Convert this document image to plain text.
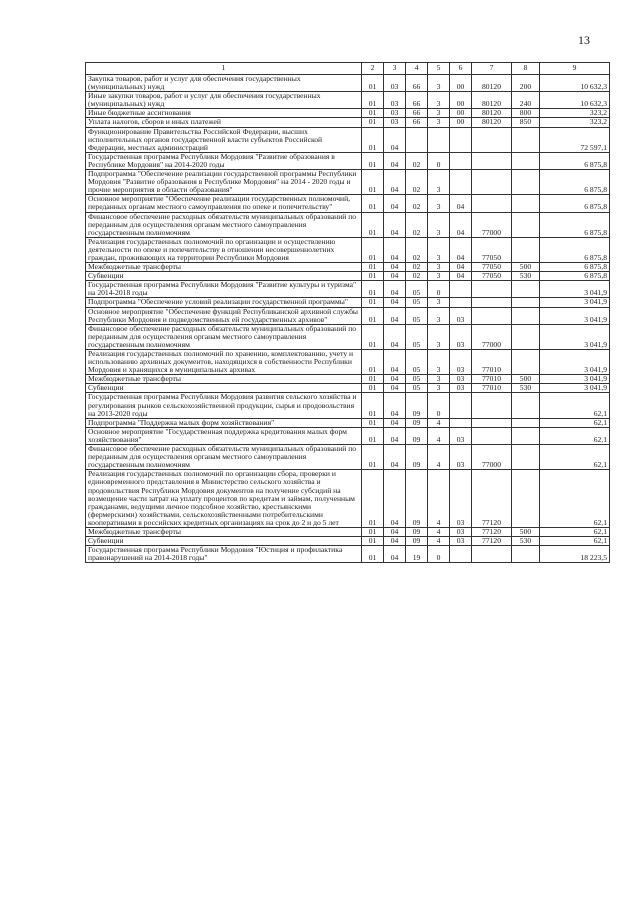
13
1	2	3	4	5	6	7	8	9
Закупка товаров, работ и услуг для обеспечения государственных (муниципальных) нужд	01	03	66	3	00	80120	200	10 632,3
Иные закупки товаров, работ и услуг для обеспечения государственных (муниципальных) нужд	01	03	66	3	00	80120	240	10 632,3
Иные бюджетные ассигнования	01	03	66	3	00	80120	800	323,2
Уплата налогов, сборов и иных платежей	01	03	66	3	00	80120	850	323,2
Функционирование Правительства Российской Федерации, высших исполнительных органов государственной власти субъектов Российской Федерации, местных администраций	01	04						72 597,1
Государственная программа Республики Мордовия "Развитие образования в Республике Мордовия" на 2014-2020 годы	01	04	02	0				6 875,8
Подпрограмма "Обеспечение реализации государственной программы Республики Мордовия "Развитие образования в Республике Мордовия" на 2014 - 2020 годы и прочие мероприятия в области образования"	01	04	02	3				6 875,8
Основное мероприятие "Обеспечение реализации государственных полномочий, переданных органам местного самоуправления по опеке и попечительству"	01	04	02	3	04			6 875,8
Финансовое обеспечение расходных обязательств муниципальных образований по переданным для осуществления органам местного самоуправления государственным полномочиям	01	04	02	3	04	77000		6 875,8
Реализация государственных полномочий по организации и осуществлению деятельности по опеке и попечительству в отношении несовершеннолетних граждан, проживающих на территории Республики Мордовия	01	04	02	3	04	77050		6 875,8
Межбюджетные трансферты	01	04	02	3	04	77050	500	6 875,8
Субвенции	01	04	02	3	04	77050	530	6 875,8
Государственная программа Республики Мордовия "Развитие культуры и туризма" на 2014-2018 годы	01	04	05	0				3 041,9
Подпрограмма "Обеспечение условий реализации государственной программы"	01	04	05	3				3 041,9
Основное мероприятие "Обеспечение функций Республиканской архивной службы Республики Мордовия и подведомственных ей государственных архивов"	01	04	05	3	03			3 041,9
Финансовое обеспечение расходных обязательств муниципальных образований по переданным для осуществления органам местного самоуправления государственным полномочиям	01	04	05	3	03	77000		3 041,9
Реализация государственных полномочий по хранению, комплектованию, учету и использованию архивных документов, находящихся в собственности Республики Мордовия и хранящихся в муниципальных архивах	01	04	05	3	03	77010		3 041,9
Межбюджетные трансферты	01	04	05	3	03	77010	500	3 041,9
Субвенции	01	04	05	3	03	77010	530	3 041,9
Государственная программа Республики Мордовия развития сельского хозяйства и регулирования рынков сельскохозяйственной продукции, сырья и продовольствия на 2013-2020 годы	01	04	09	0				62,1
Подпрограмма "Поддержка малых форм хозяйствования"	01	04	09	4				62,1
Основное мероприятие "Государственная поддержка кредитования малых форм хозяйствования"	01	04	09	4	03			62,1
Финансовое обеспечение расходных обязательств муниципальных образований по переданным для осуществления органам местного самоуправления государственным полномочиям	01	04	09	4	03	77000		62,1
Реализация государственных полномочий по организации сбора, проверки и единовременного представления в Министерство сельского хозяйства и продовольствия Республики Мордовия документов на получение субсидий на возмещение части затрат на уплату процентов по кредитам и займам, полученным гражданами, ведущими личное подсобное хозяйство, крестьянскими (фермерскими) хозяйствами, сельскохозяйственными потребительскими кооперативами в российских кредитных организациях на срок до 2 и до 5 лет	01	04	09	4	03	77120		62,1
Межбюджетные трансферты	01	04	09	4	03	77120	500	62,1
Субвенции	01	04	09	4	03	77120	530	62,1
Государственная программа Республики Мордовия "Юстиция и профилактика правонарушений на 2014-2018 годы"	01	04	19	0				18 223,5
